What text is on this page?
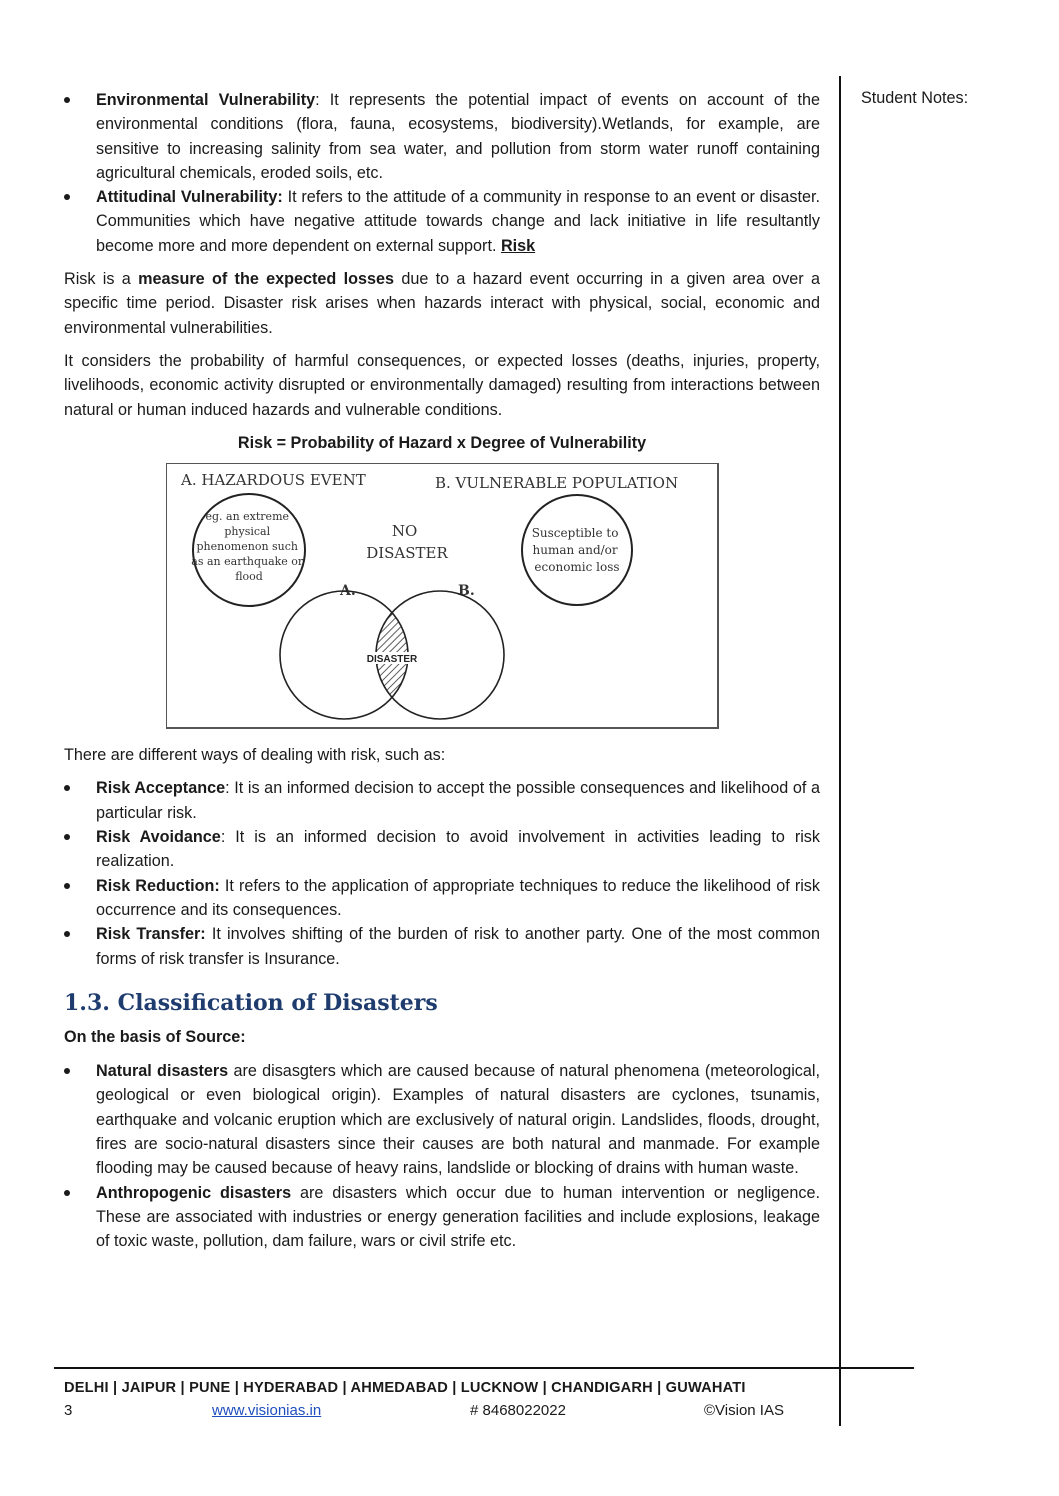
Environmental Vulnerability: It represents the potential impact of events on account of the environmental conditions (flora, fauna, ecosystems, biodiversity).Wetlands, for example, are sensitive to increasing salinity from sea water, and pollution from storm water runoff containing agricultural chemicals, eroded soils, etc.
Attitudinal Vulnerability: It refers to the attitude of a community in response to an event or disaster. Communities which have negative attitude towards change and lack initiative in life resultantly become more and more dependent on external support. Risk

Risk is a measure of the expected losses due to a hazard event occurring in a given area over a specific time period. Disaster risk arises when hazards interact with physical, social, economic and environmental vulnerabilities.

It considers the probability of harmful consequences, or expected losses (deaths, injuries, property, livelihoods, economic activity disrupted or environmentally damaged) resulting from interactions between natural or human induced hazards and vulnerable conditions.

Risk = Probability of Hazard x Degree of Vulnerability
A. HAZARDOUS EVENT	B. VULNERABLE POPULATION
eg. an extreme physical phenomenon such as an earthquake or flood
Susceptible to human and/or economic loss
NO DISASTER
A.	B.
DISASTER

There are different ways of dealing with risk, such as:

Risk Acceptance: It is an informed decision to accept the possible consequences and likelihood of a particular risk.
Risk Avoidance: It is an informed decision to avoid involvement in activities leading to risk realization.
Risk Reduction: It refers to the application of appropriate techniques to reduce the likelihood of risk occurrence and its consequences.
Risk Transfer: It involves shifting of the burden of risk to another party. One of the most common forms of risk transfer is Insurance.
1.3. Classification of Disasters
On the basis of Source:
Natural disasters are disasgters which are caused because of natural phenomena (meteorological, geological or even biological origin). Examples of natural disasters are cyclones, tsunamis, earthquake and volcanic eruption which are exclusively of natural origin. Landslides, floods, drought, fires are socio-natural disasters since their causes are both natural and manmade. For example flooding may be caused because of heavy rains, landslide or blocking of drains with human waste.
Anthropogenic disasters are disasters which occur due to human intervention or negligence. These are associated with industries or energy generation facilities and include explosions, leakage of toxic waste, pollution, dam failure, wars or civil strife etc.
Student Notes:
DELHI | JAIPUR | PUNE | HYDERABAD | AHMEDABAD | LUCKNOW | CHANDIGARH | GUWAHATI
3	www.visionias.in	# 8468022022	©Vision IAS
